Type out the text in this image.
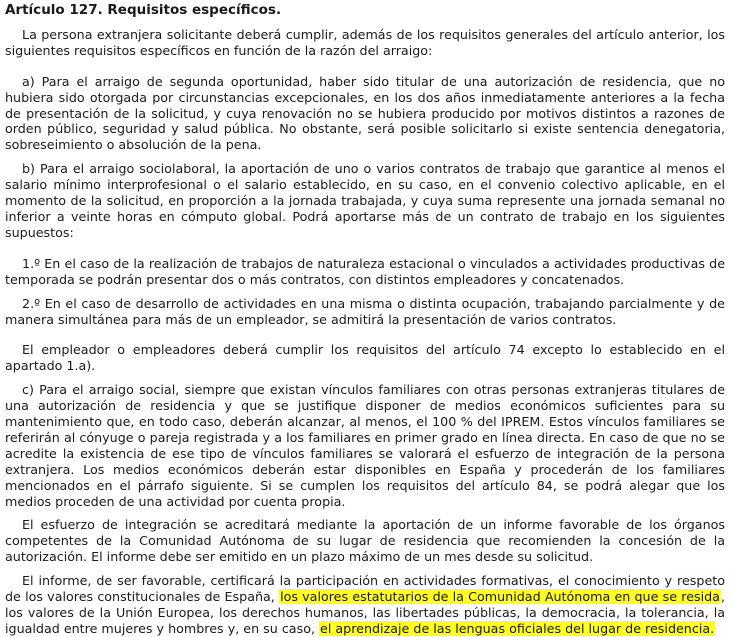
Artículo 127. Requisitos específicos.

La persona extranjera solicitante deberá cumplir, además de los requisitos generales del artículo anterior, los siguientes requisitos específicos en función de la razón del arraigo:

a) Para el arraigo de segunda oportunidad, haber sido titular de una autorización de residencia, que no hubiera sido otorgada por circunstancias excepcionales, en los dos años inmediatamente anteriores a la fecha de presentación de la solicitud, y cuya renovación no se hubiera producido por motivos distintos a razones de orden público, seguridad y salud pública. No obstante, será posible solicitarlo si existe sentencia denegatoria, sobreseimiento o absolución de la pena.

b) Para el arraigo sociolaboral, la aportación de uno o varios contratos de trabajo que garantice al menos el salario mínimo interprofesional o el salario establecido, en su caso, en el convenio colectivo aplicable, en el momento de la solicitud, en proporción a la jornada trabajada, y cuya suma represente una jornada semanal no inferior a veinte horas en cómputo global. Podrá aportarse más de un contrato de trabajo en los siguientes supuestos:

1.º En el caso de la realización de trabajos de naturaleza estacional o vinculados a actividades productivas de temporada se podrán presentar dos o más contratos, con distintos empleadores y concatenados.

2.º En el caso de desarrollo de actividades en una misma o distinta ocupación, trabajando parcialmente y de manera simultánea para más de un empleador, se admitirá la presentación de varios contratos.

El empleador o empleadores deberá cumplir los requisitos del artículo 74 excepto lo establecido en el apartado 1.a).

c) Para el arraigo social, siempre que existan vínculos familiares con otras personas extranjeras titulares de una autorización de residencia y que se justifique disponer de medios económicos suficientes para su mantenimiento que, en todo caso, deberán alcanzar, al menos, el 100 % del IPREM. Estos vínculos familiares se referirán al cónyuge o pareja registrada y a los familiares en primer grado en línea directa. En caso de que no se acredite la existencia de ese tipo de vínculos familiares se valorará el esfuerzo de integración de la persona extranjera. Los medios económicos deberán estar disponibles en España y procederán de los familiares mencionados en el párrafo siguiente. Si se cumplen los requisitos del artículo 84, se podrá alegar que los medios proceden de una actividad por cuenta propia.

El esfuerzo de integración se acreditará mediante la aportación de un informe favorable de los órganos competentes de la Comunidad Autónoma de su lugar de residencia que recomienden la concesión de la autorización. El informe debe ser emitido en un plazo máximo de un mes desde su solicitud.

El informe, de ser favorable, certificará la participación en actividades formativas, el conocimiento y respeto de los valores constitucionales de España, los valores estatutarios de la Comunidad Autónoma en que se resida, los valores de la Unión Europea, los derechos humanos, las libertades públicas, la democracia, la tolerancia, la igualdad entre mujeres y hombres y, en su caso, el aprendizaje de las lenguas oficiales del lugar de residencia.
